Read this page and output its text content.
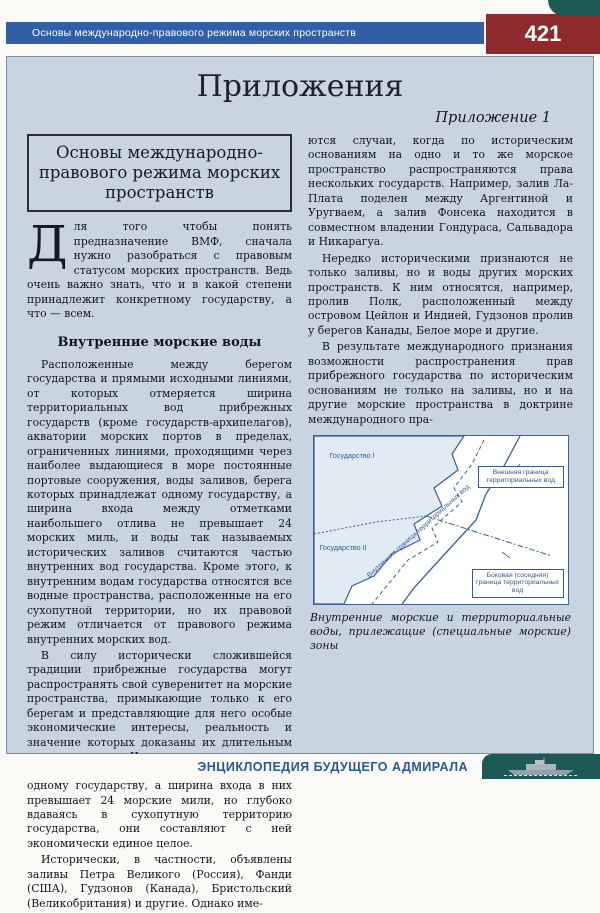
Основы международно-правового режима морских пространств	421
Приложения
Приложение 1
Основы международно-правового режима морских пространств

Для того чтобы понять предназначение ВМФ, сначала нужно разобраться с правовым статусом морских пространств. Ведь очень важно знать, что и в какой степени принадлежит конкретному государству, а что — всем.

Внутренние морские воды

Расположенные между берегом государства и прямыми исходными линиями, от которых отмеряется ширина территориальных вод прибрежных государств (кроме государств-архипелагов), акватории морских портов в пределах, ограниченных линиями, проходящими через наиболее выдающиеся в море постоянные портовые сооружения, воды заливов, берега которых принадлежат одному государству, а ширина входа между отметками наибольшего отлива не превышает 24 морских миль, и воды так называемых исторических заливов считаются частью внутренних вод государства. Кроме этого, к внутренним водам государства относятся все водные пространства, расположенные на его сухопутной территории, но их правовой режим отличается от правового режима внутренних морских вод.

В силу исторически сложившейся традиции прибрежные государства могут распространять свой суверенитет на морские пространства, примыкающие только к его берегам и представляющие для него особые экономические интересы, реальность и значение которых доказаны их длительным одному государству, а ширина входа в них превышает 24 морские мили, но глубоко вдаваясь в сухопутную территорию государства, они составляют с ней экономически единое целое.

Исторически, в частности, объявлены заливы Петра Великого (Россия), Фанди (США), Гудзонов (Канада), Бристольский (Великобритания) и другие. Однако име-

ются случаи, когда по историческим основаниям на одно и то же морское пространство распространяются права нескольких государств. Например, залив Ла-Плата поделен между Аргентиной и Уругваем, а залив Фонсека находится в совместном владении Гондураса, Сальвадора и Никарагуа.

Нередко историческими признаются не только заливы, но и воды других морских пространств. К ним относятся, например, пролив Полк, расположенный между островом Цейлон и Индией, Гудзонов пролив у берегов Канады, Белое море и другие.

В результате международного признания возможности распространения прав прибрежного государства по историческим основаниям не только на заливы, но и на другие морские пространства в доктрине международного пра-

Государство I
Государство II
Внешняя граница территориальных вод
Боковая (соседняя) граница территориальных вод
Внутренняя граница территориальных вод
Внутренние морские и территориальные воды, прилежащие (специальные морские) зоны
ЭНЦИКЛОПЕДИЯ БУДУЩЕГО АДМИРАЛА
